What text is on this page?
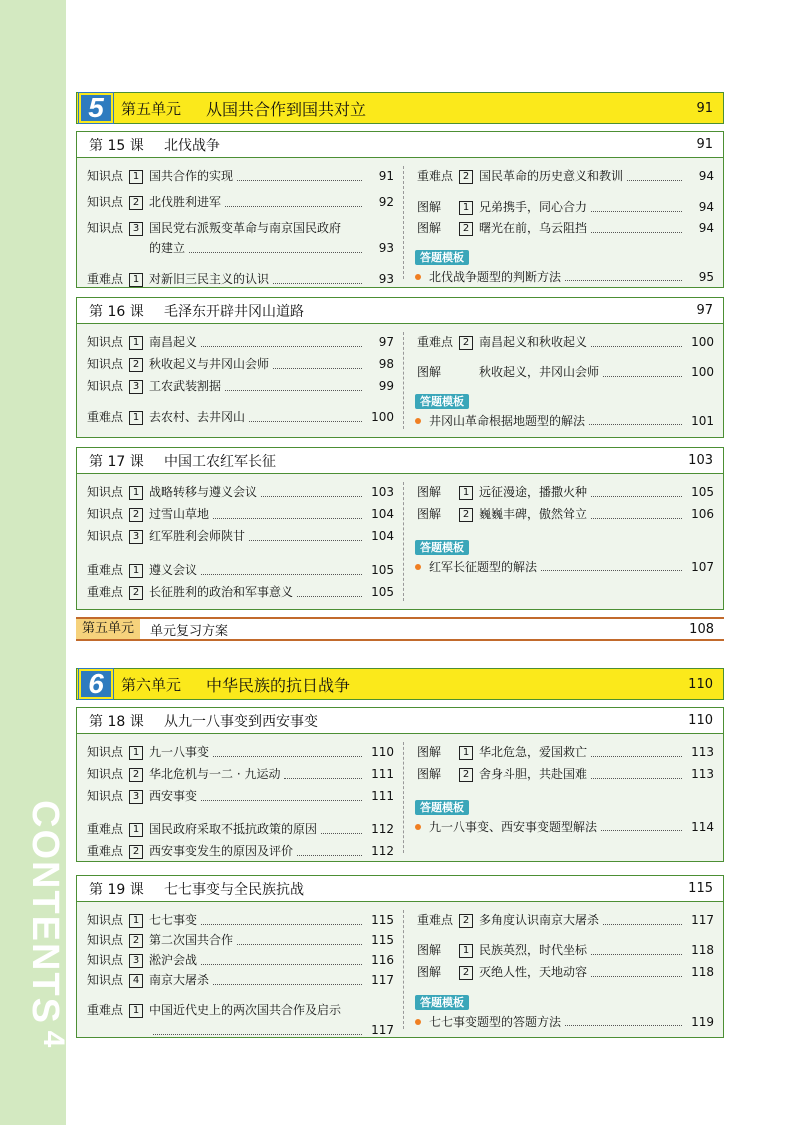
CONTENTS
4
5	第五单元	从国共合作到国共对立	91
第 15 课	北伐战争	91
知识点 1 国共合作的实现	91
知识点 2 北伐胜利进军	92
知识点 3 国民党右派叛变革命与南京国民政府
的建立	93
重难点 1 对新旧三民主义的认识	93
重难点 2 国民革命的历史意义和教训	94
图解	1 兄弟携手，同心合力	94
图解	2 曙光在前，乌云阻挡	94
答题模板
北伐战争题型的判断方法	95
第 16 课	毛泽东开辟井冈山道路	97
知识点 1 南昌起义	97
知识点 2 秋收起义与井冈山会师	98
知识点 3 工农武装割据	99
重难点 1 去农村、去井冈山	100
重难点 2 南昌起义和秋收起义	100
图解	秋收起义，井冈山会师	100
答题模板
井冈山革命根据地题型的解法	101
第 17 课	中国工农红军长征	103
知识点 1 战略转移与遵义会议	103
知识点 2 过雪山草地	104
知识点 3 红军胜利会师陕甘	104
重难点 1 遵义会议	105
重难点 2 长征胜利的政治和军事意义	105
图解	1 远征漫途，播撒火种	105
图解	2 巍巍丰碑，傲然耸立	106
答题模板
红军长征题型的解法	107
第五单元	单元复习方案	108
6	第六单元	中华民族的抗日战争	110
第 18 课	从九一八事变到西安事变	110
知识点 1 九一八事变	110
知识点 2 华北危机与一二 · 九运动	111
知识点 3 西安事变	111
重难点 1 国民政府采取不抵抗政策的原因	112
重难点 2 西安事变发生的原因及评价	112
图解	1 华北危急，爱国救亡	113
图解	2 舍身斗胆，共赴国难	113
答题模板
九一八事变、西安事变题型解法	114
第 19 课	七七事变与全民族抗战	115
知识点 1 七七事变	115
知识点 2 第二次国共合作	115
知识点 3 淞沪会战	116
知识点 4 南京大屠杀	117
重难点 1 中国近代史上的两次国共合作及启示
117
重难点 2 多角度认识南京大屠杀	117
图解	1 民族英烈，时代坐标	118
图解	2 灭绝人性，天地动容	118
答题模板
七七事变题型的答题方法	119
